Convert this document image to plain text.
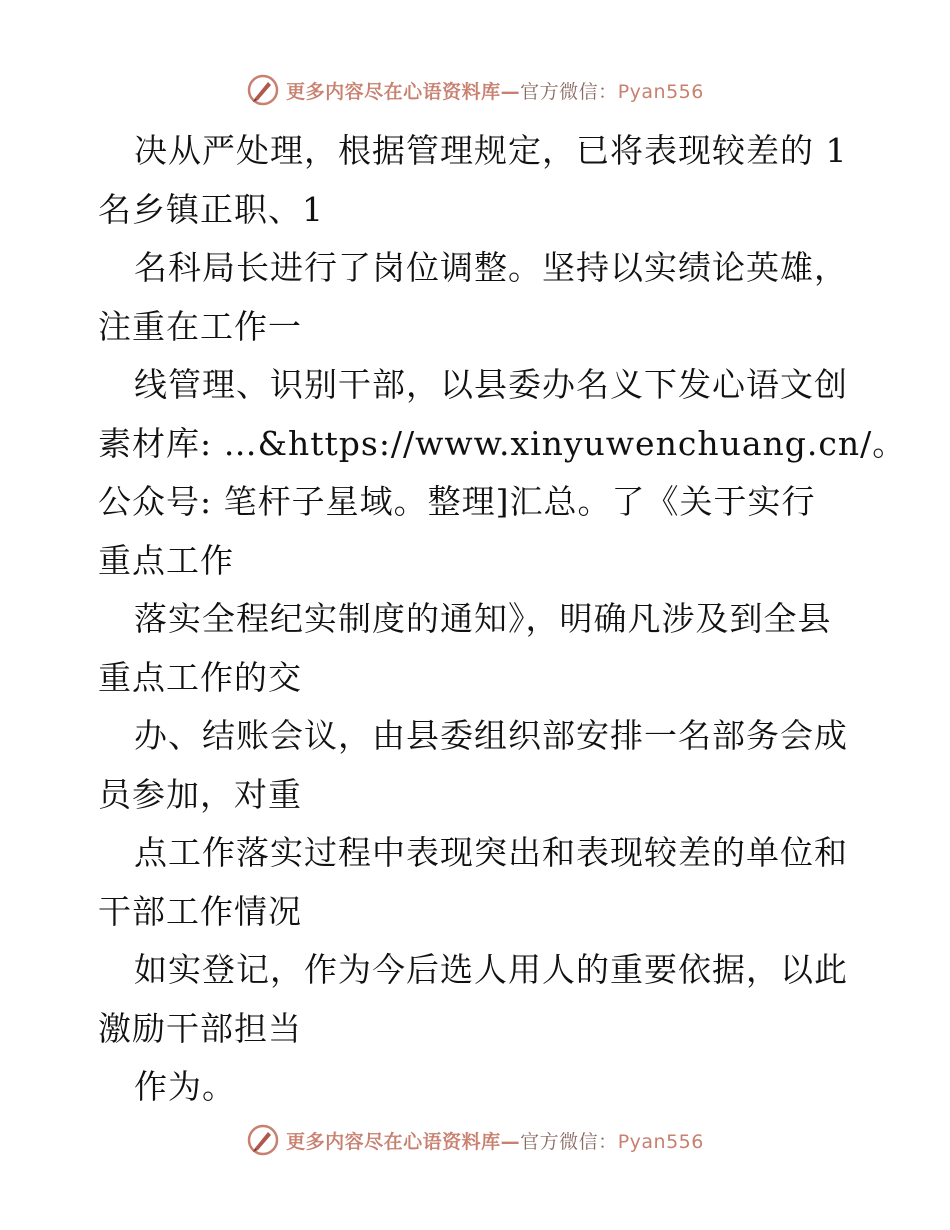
更多内容尽在心语资料库—官方微信：Pyan556
决从严处理，根据管理规定，已将表现较差的 1
名乡镇正职、1
名科局长进行了岗位调整。坚持以实绩论英雄，
注重在工作一
线管理、识别干部，以县委办名义下发心语文创
素材库: …&https://www.xinyuwenchuang.cn/。
公众号: 笔杆子星域。整理]汇总。了《关于实行
重点工作
落实全程纪实制度的通知》，明确凡涉及到全县
重点工作的交
办、结账会议，由县委组织部安排一名部务会成
员参加，对重
点工作落实过程中表现突出和表现较差的单位和
干部工作情况
如实登记，作为今后选人用人的重要依据，以此
激励干部担当
作为。
更多内容尽在心语资料库—官方微信：Pyan556
